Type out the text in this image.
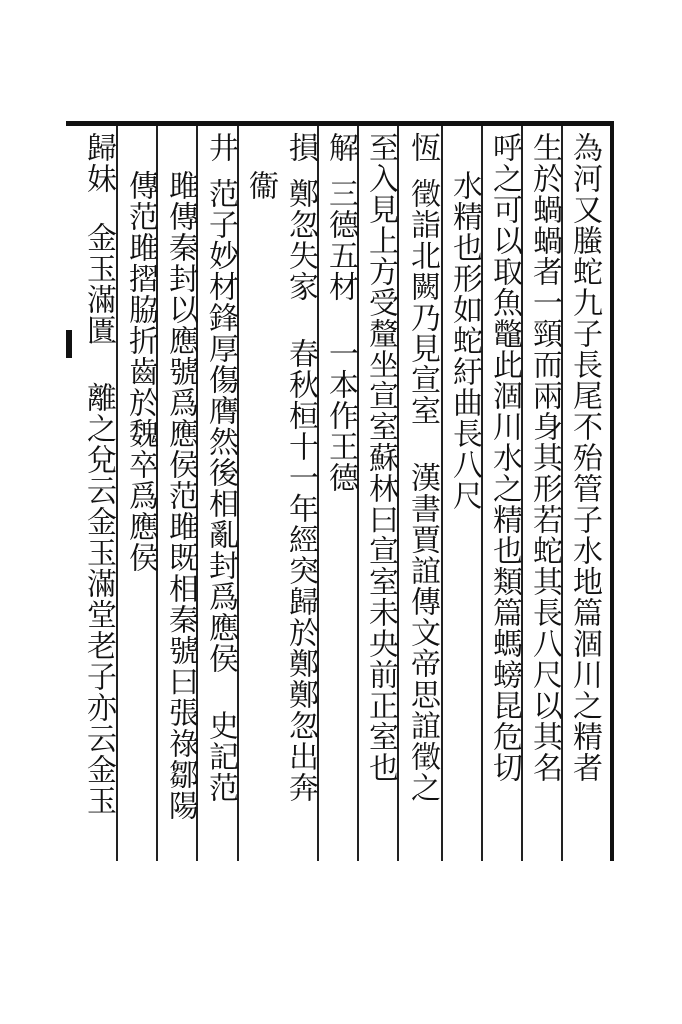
為河又螣蛇九子長尾不殆管子水地篇涸川之精者
生於蝸蝸者一頸而兩身其形若蛇其長八尺以其名
呼之可以取魚鼈此涸川水之精也類篇螞螃昆危切
水精也形如蛇紆曲長八尺
恆
徵詣北闕乃見宣室 漢書賈誼傳文帝思誼徵之
至入見上方受釐坐宣室蘇林曰宣室未央前正室也
解
三德五材 一本作王德
損
鄭忽失家 春秋桓十一年經突歸於鄭鄭忽出奔
衞
井
范子妙材鋒厚傷膺然後相亂封爲應侯 史記范
雎傳秦封以應號爲應侯范雎既相秦號曰張祿鄒陽
傳范雎摺脇折齒於魏卒爲應侯
歸妹
金玉滿匱 離之兌云金玉滿堂老子亦云金玉
